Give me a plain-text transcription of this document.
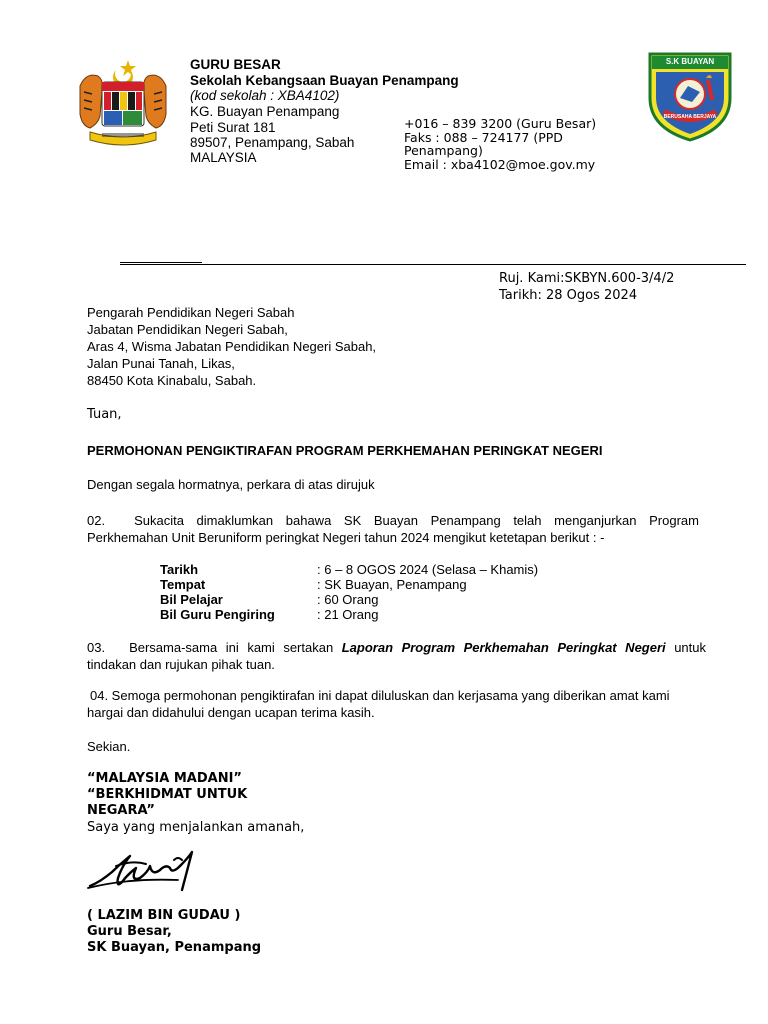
GURU BESAR
Sekolah Kebangsaan Buayan Penampang
(kod sekolah : XBA4102)
KG. Buayan Penampang
Peti Surat 181
89507, Penampang, Sabah
MALAYSIA
+016 – 839 3200 (Guru Besar)
Faks : 088 – 724177 (PPD
Penampang)
Email : xba4102@moe.gov.my
S.K BUAYAN
BERUSAHA BERJAYA
Ruj. Kami:SKBYN.600-3/4/2
Tarikh: 28 Ogos 2024
Pengarah Pendidikan Negeri Sabah
Jabatan Pendidikan Negeri Sabah,
Aras 4, Wisma Jabatan Pendidikan Negeri Sabah,
Jalan Punai Tanah, Likas,
88450 Kota Kinabalu, Sabah.
Tuan,
PERMOHONAN PENGIKTIRAFAN PROGRAM PERKHEMAHAN PERINGKAT NEGERI
Dengan segala hormatnya, perkara di atas dirujuk
02. Sukacita dimaklumkan bahawa SK Buayan Penampang telah menganjurkan Program Perkhemahan Unit Beruniform peringkat Negeri tahun 2024 mengikut ketetapan berikut : -
Tarikh	: 6 – 8 OGOS 2024 (Selasa – Khamis)
Tempat	: SK Buayan, Penampang
Bil Pelajar	: 60 Orang
Bil Guru Pengiring	: 21 Orang
03. Bersama-sama ini kami sertakan Laporan Program Perkhemahan Peringkat Negeri untuk tindakan dan rujukan pihak tuan.
04. Semoga permohonan pengiktirafan ini dapat diluluskan dan kerjasama yang diberikan amat kami hargai dan didahului dengan ucapan terima kasih.
Sekian.
“MALAYSIA MADANI”
“BERKHIDMAT UNTUK
NEGARA”
Saya yang menjalankan amanah,
( LAZIM BIN GUDAU )
Guru Besar,
SK Buayan, Penampang
